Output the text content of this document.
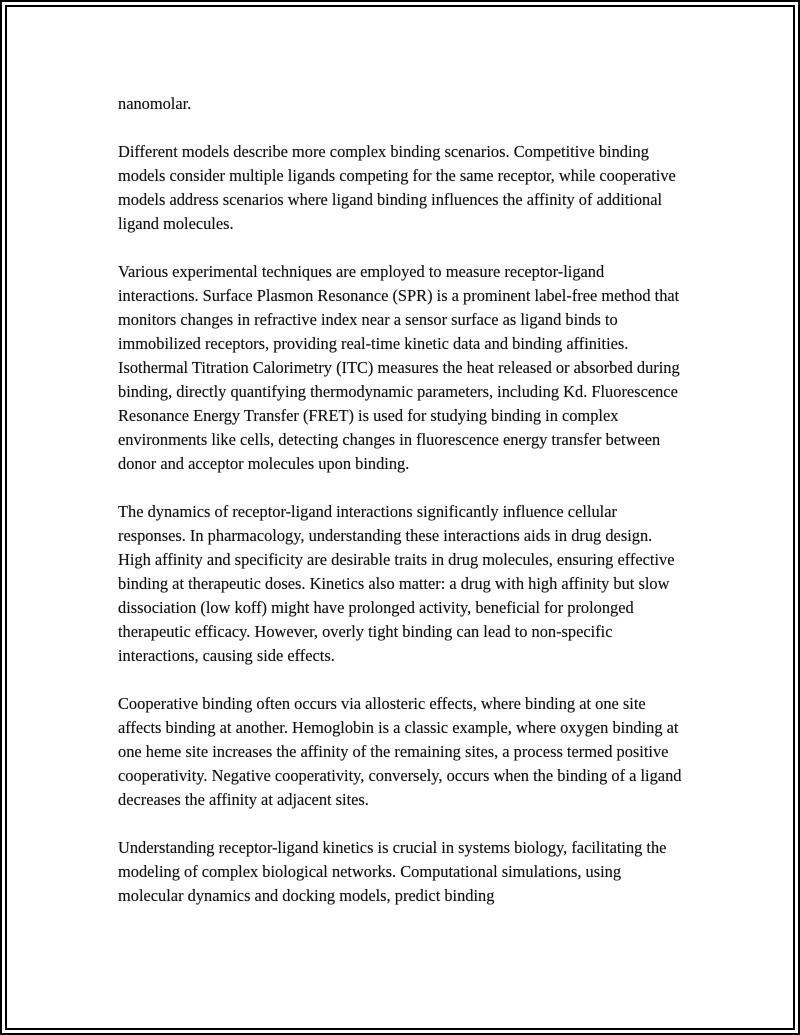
nanomolar.

Different models describe more complex binding scenarios. Competitive binding models consider multiple ligands competing for the same receptor, while cooperative models address scenarios where ligand binding influences the affinity of additional ligand molecules.

Various experimental techniques are employed to measure receptor-ligand interactions. Surface Plasmon Resonance (SPR) is a prominent label-free method that monitors changes in refractive index near a sensor surface as ligand binds to immobilized receptors, providing real-time kinetic data and binding affinities. Isothermal Titration Calorimetry (ITC) measures the heat released or absorbed during binding, directly quantifying thermodynamic parameters, including Kd. Fluorescence Resonance Energy Transfer (FRET) is used for studying binding in complex environments like cells, detecting changes in fluorescence energy transfer between donor and acceptor molecules upon binding.

The dynamics of receptor-ligand interactions significantly influence cellular responses. In pharmacology, understanding these interactions aids in drug design. High affinity and specificity are desirable traits in drug molecules, ensuring effective binding at therapeutic doses. Kinetics also matter: a drug with high affinity but slow dissociation (low koff) might have prolonged activity, beneficial for prolonged therapeutic efficacy. However, overly tight binding can lead to non-specific interactions, causing side effects.

Cooperative binding often occurs via allosteric effects, where binding at one site affects binding at another. Hemoglobin is a classic example, where oxygen binding at one heme site increases the affinity of the remaining sites, a process termed positive cooperativity. Negative cooperativity, conversely, occurs when the binding of a ligand decreases the affinity at adjacent sites.

Understanding receptor-ligand kinetics is crucial in systems biology, facilitating the modeling of complex biological networks. Computational simulations, using molecular dynamics and docking models, predict binding
